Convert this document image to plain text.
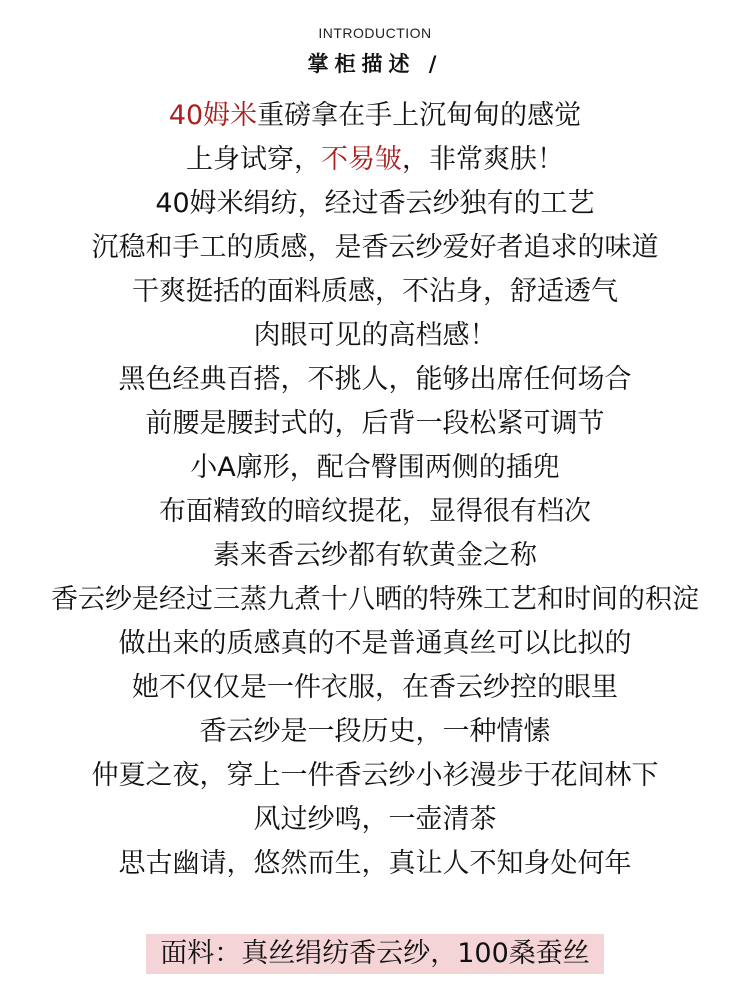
INTRODUCTION
掌柜描述 /
40姆米重磅拿在手上沉甸甸的感觉
上身试穿，不易皱，非常爽肤！
40姆米绢纺，经过香云纱独有的工艺
沉稳和手工的质感，是香云纱爱好者追求的味道
干爽挺括的面料质感，不沾身，舒适透气
肉眼可见的高档感！
黑色经典百搭，不挑人，能够出席任何场合
前腰是腰封式的，后背一段松紧可调节
小A廓形，配合臀围两侧的插兜
布面精致的暗纹提花，显得很有档次
素来香云纱都有软黄金之称
香云纱是经过三蒸九煮十八晒的特殊工艺和时间的积淀
做出来的质感真的不是普通真丝可以比拟的
她不仅仅是一件衣服，在香云纱控的眼里
香云纱是一段历史，一种情愫
仲夏之夜，穿上一件香云纱小衫漫步于花间林下
风过纱鸣，一壶清茶
思古幽请，悠然而生，真让人不知身处何年
面料：真丝绢纺香云纱，100桑蚕丝
